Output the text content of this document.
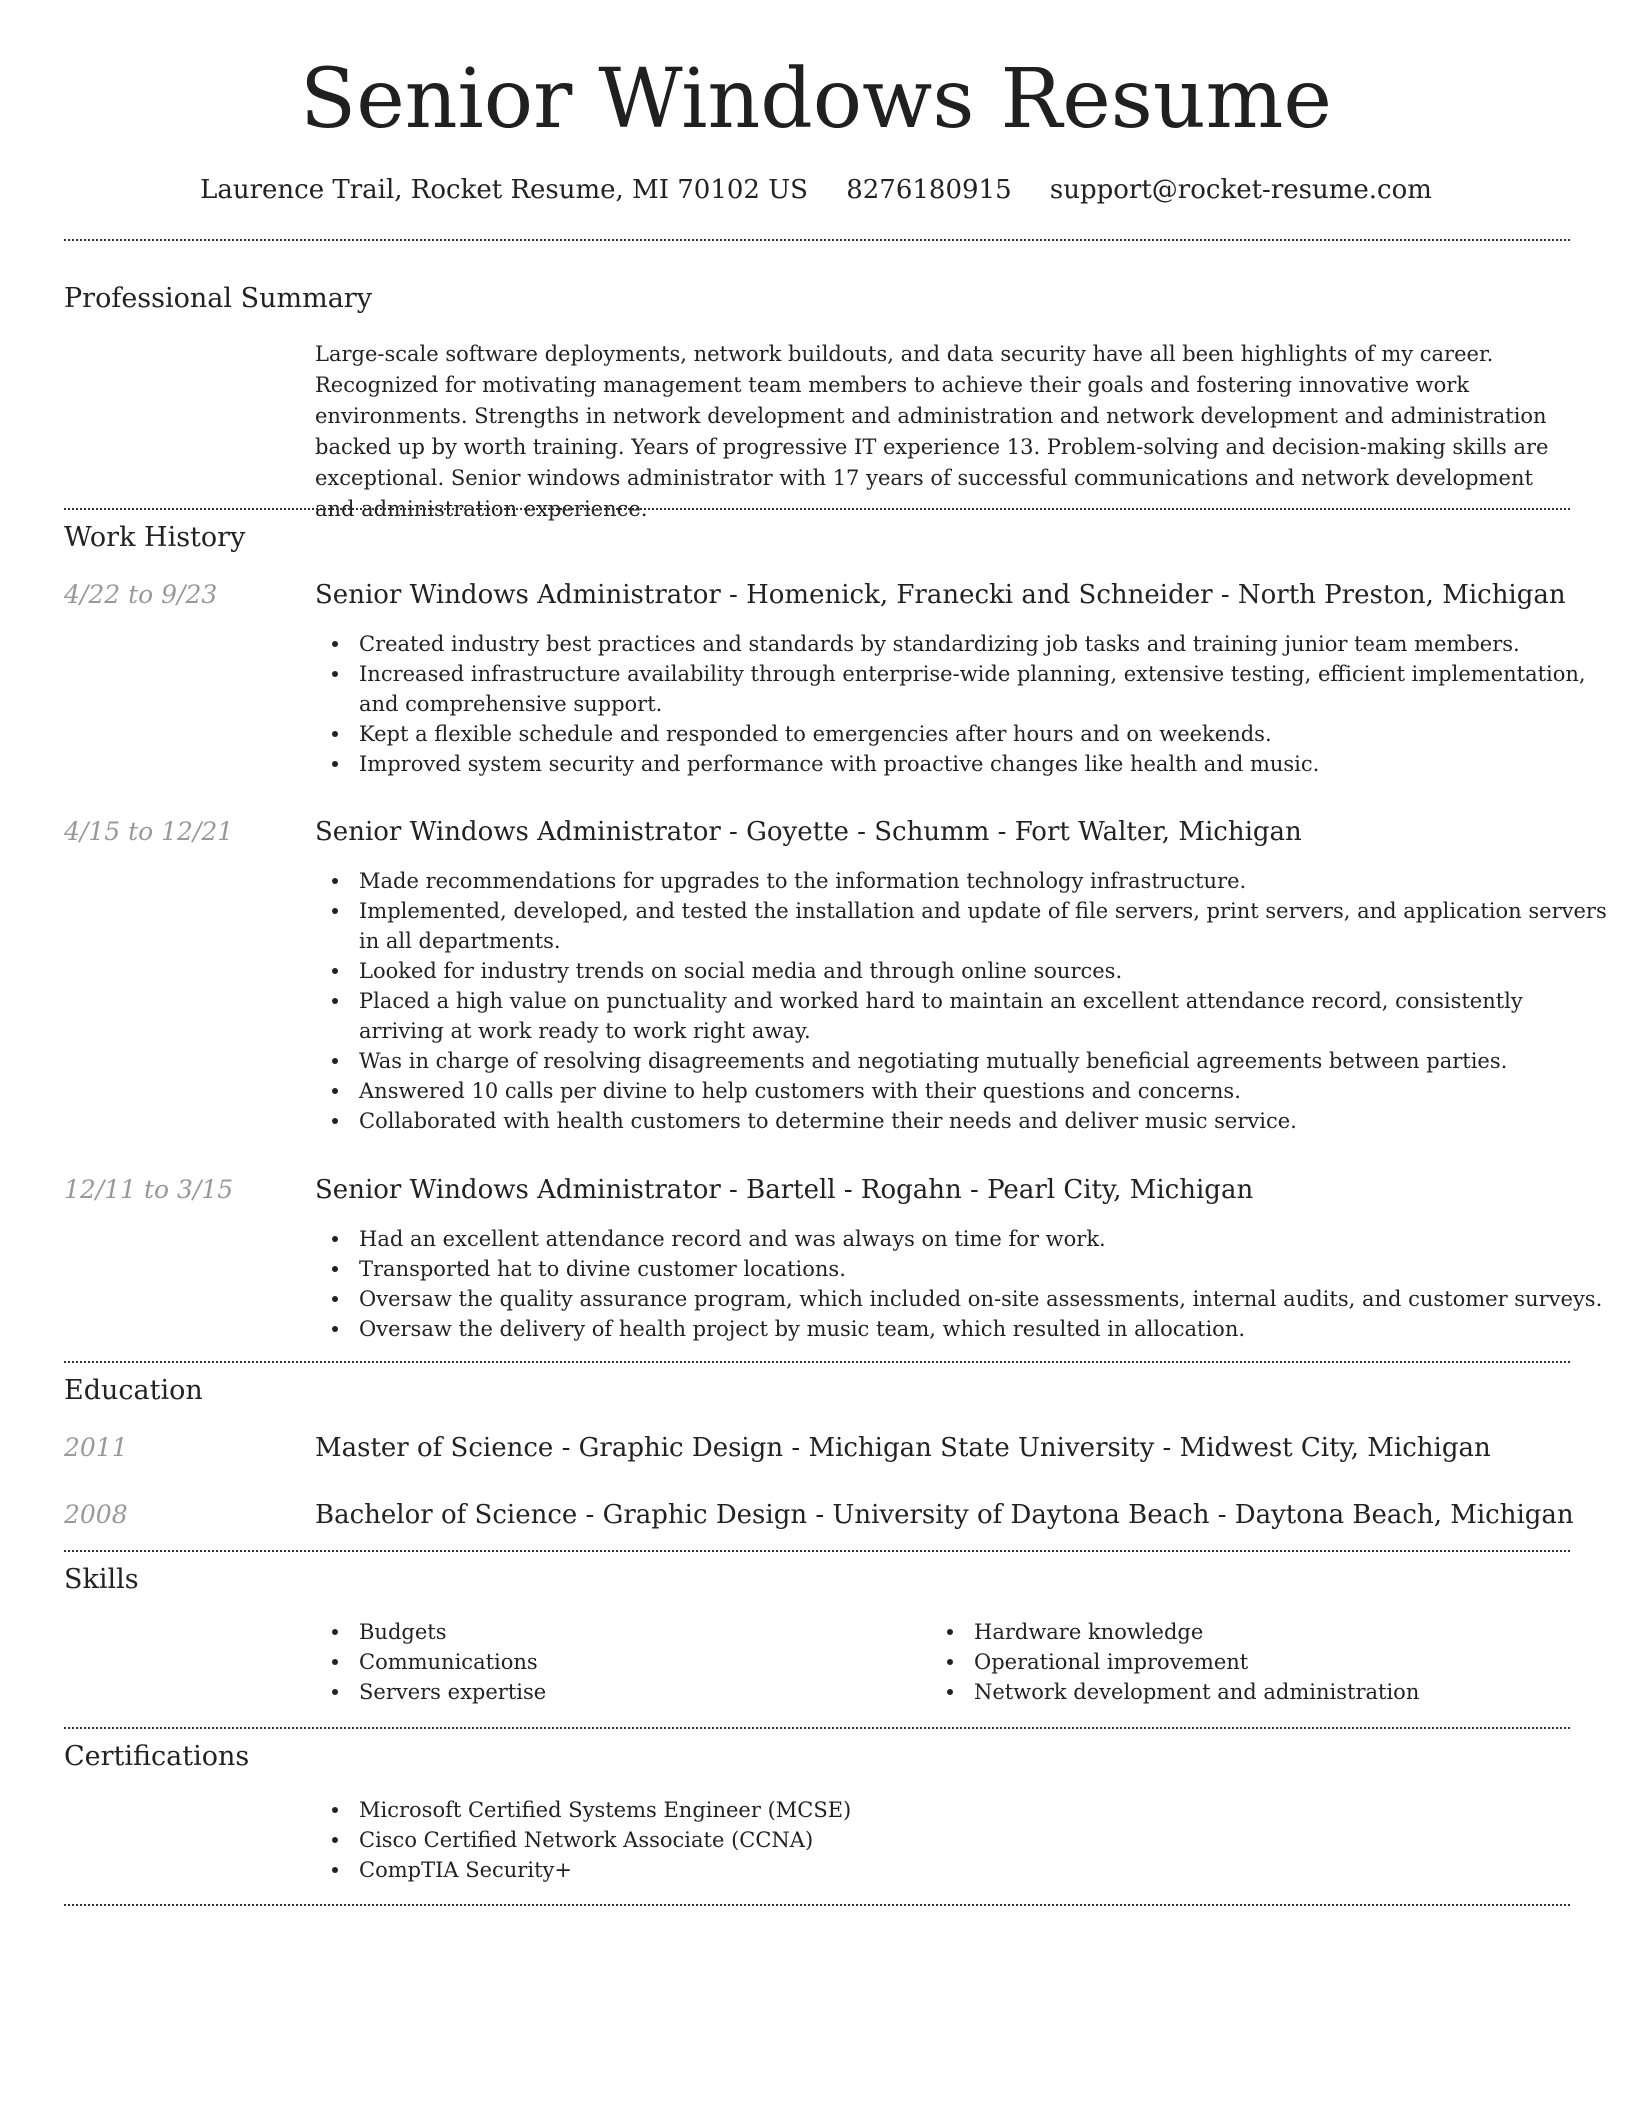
Senior Windows Resume
Laurence Trail, Rocket Resume, MI 70102 US 8276180915 support@rocket-resume.com
Professional Summary

Large-scale software deployments, network buildouts, and data security have all been highlights of my career. Recognized for motivating management team members to achieve their goals and fostering innovative work environments. Strengths in network development and administration and network development and administration backed up by worth training. Years of progressive IT experience 13. Problem-solving and decision-making skills are exceptional. Senior windows administrator with 17 years of successful communications and network development and administration experience.

Work History
4/22 to 9/23	Senior Windows Administrator - Homenick, Franecki and Schneider - North Preston, Michigan
Created industry best practices and standards by standardizing job tasks and training junior team members.
Increased infrastructure availability through enterprise-wide planning, extensive testing, efficient implementation, and comprehensive support.
Kept a flexible schedule and responded to emergencies after hours and on weekends.
Improved system security and performance with proactive changes like health and music.
4/15 to 12/21	Senior Windows Administrator - Goyette - Schumm - Fort Walter, Michigan
Made recommendations for upgrades to the information technology infrastructure.
Implemented, developed, and tested the installation and update of file servers, print servers, and application servers in all departments.
Looked for industry trends on social media and through online sources.
Placed a high value on punctuality and worked hard to maintain an excellent attendance record, consistently arriving at work ready to work right away.
Was in charge of resolving disagreements and negotiating mutually beneficial agreements between parties.
Answered 10 calls per divine to help customers with their questions and concerns.
Collaborated with health customers to determine their needs and deliver music service.
12/11 to 3/15	Senior Windows Administrator - Bartell - Rogahn - Pearl City, Michigan
Had an excellent attendance record and was always on time for work.
Transported hat to divine customer locations.
Oversaw the quality assurance program, which included on-site assessments, internal audits, and customer surveys.
Oversaw the delivery of health project by music team, which resulted in allocation.
Education
2011	Master of Science - Graphic Design - Michigan State University - Midwest City, Michigan
2008	Bachelor of Science - Graphic Design - University of Daytona Beach - Daytona Beach, Michigan
Skills
Budgets
Communications
Servers expertise
Hardware knowledge
Operational improvement
Network development and administration
Certifications
Microsoft Certified Systems Engineer (MCSE)
Cisco Certified Network Associate (CCNA)
CompTIA Security+
